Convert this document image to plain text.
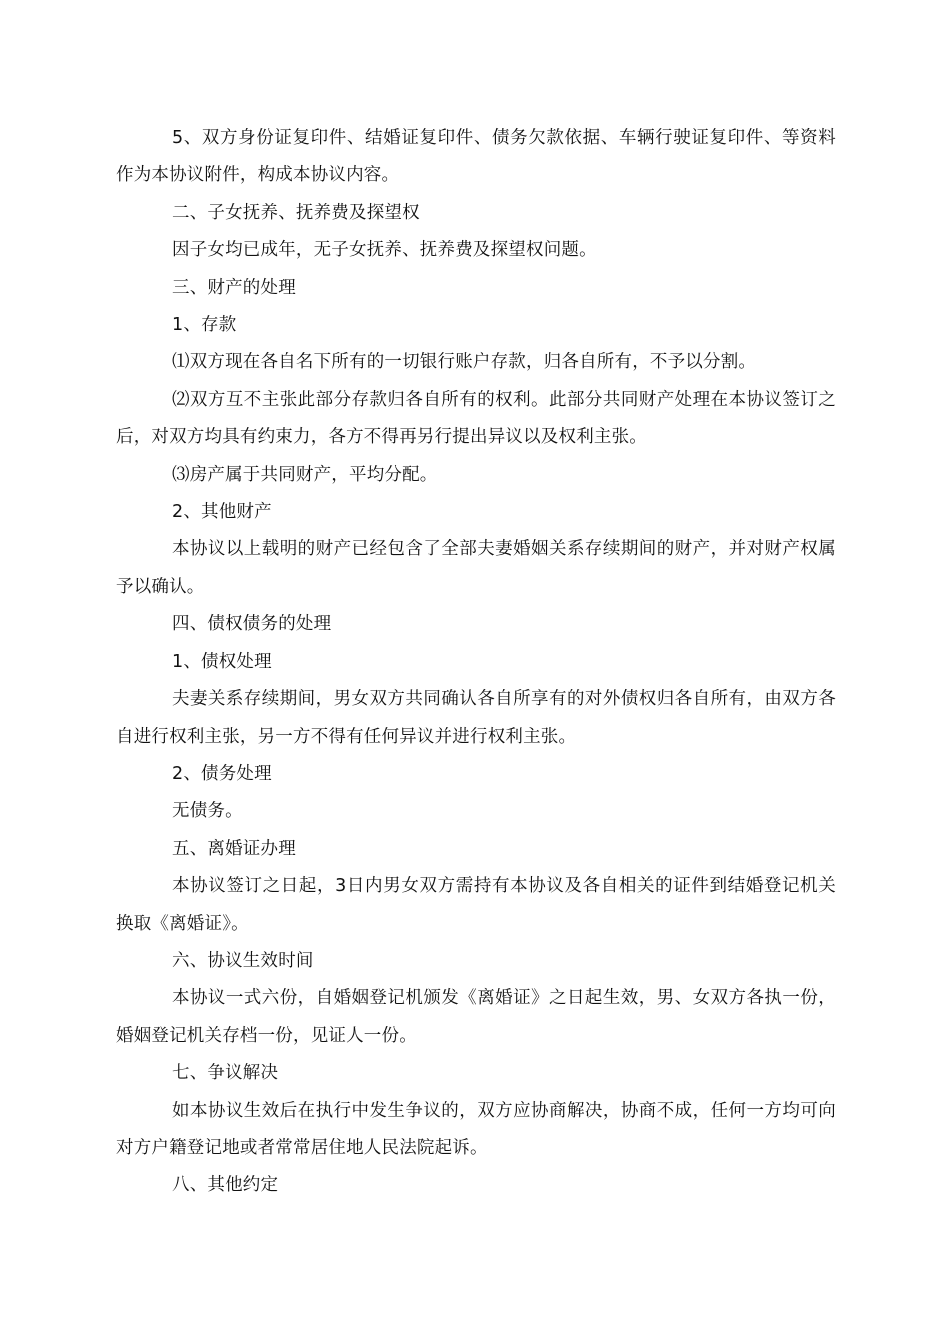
5、双方身份证复印件、结婚证复印件、债务欠款依据、车辆行驶证复印件、等资料作为本协议附件，构成本协议内容。

二、子女抚养、抚养费及探望权

因子女均已成年，无子女抚养、抚养费及探望权问题。

三、财产的处理

1、存款

⑴双方现在各自名下所有的一切银行账户存款，归各自所有，不予以分割。

⑵双方互不主张此部分存款归各自所有的权利。此部分共同财产处理在本协议签订之后，对双方均具有约束力，各方不得再另行提出异议以及权利主张。

⑶房产属于共同财产，平均分配。

2、其他财产

本协议以上载明的财产已经包含了全部夫妻婚姻关系存续期间的财产，并对财产权属予以确认。

四、债权债务的处理

1、债权处理

夫妻关系存续期间，男女双方共同确认各自所享有的对外债权归各自所有，由双方各自进行权利主张，另一方不得有任何异议并进行权利主张。

2、债务处理

无债务。

五、离婚证办理

本协议签订之日起，3日内男女双方需持有本协议及各自相关的证件到结婚登记机关换取《离婚证》。

六、协议生效时间

本协议一式六份，自婚姻登记机颁发《离婚证》之日起生效，男、女双方各执一份，婚姻登记机关存档一份，见证人一份。

七、争议解决

如本协议生效后在执行中发生争议的，双方应协商解决，协商不成，任何一方均可向对方户籍登记地或者常常居住地人民法院起诉。

八、其他约定
